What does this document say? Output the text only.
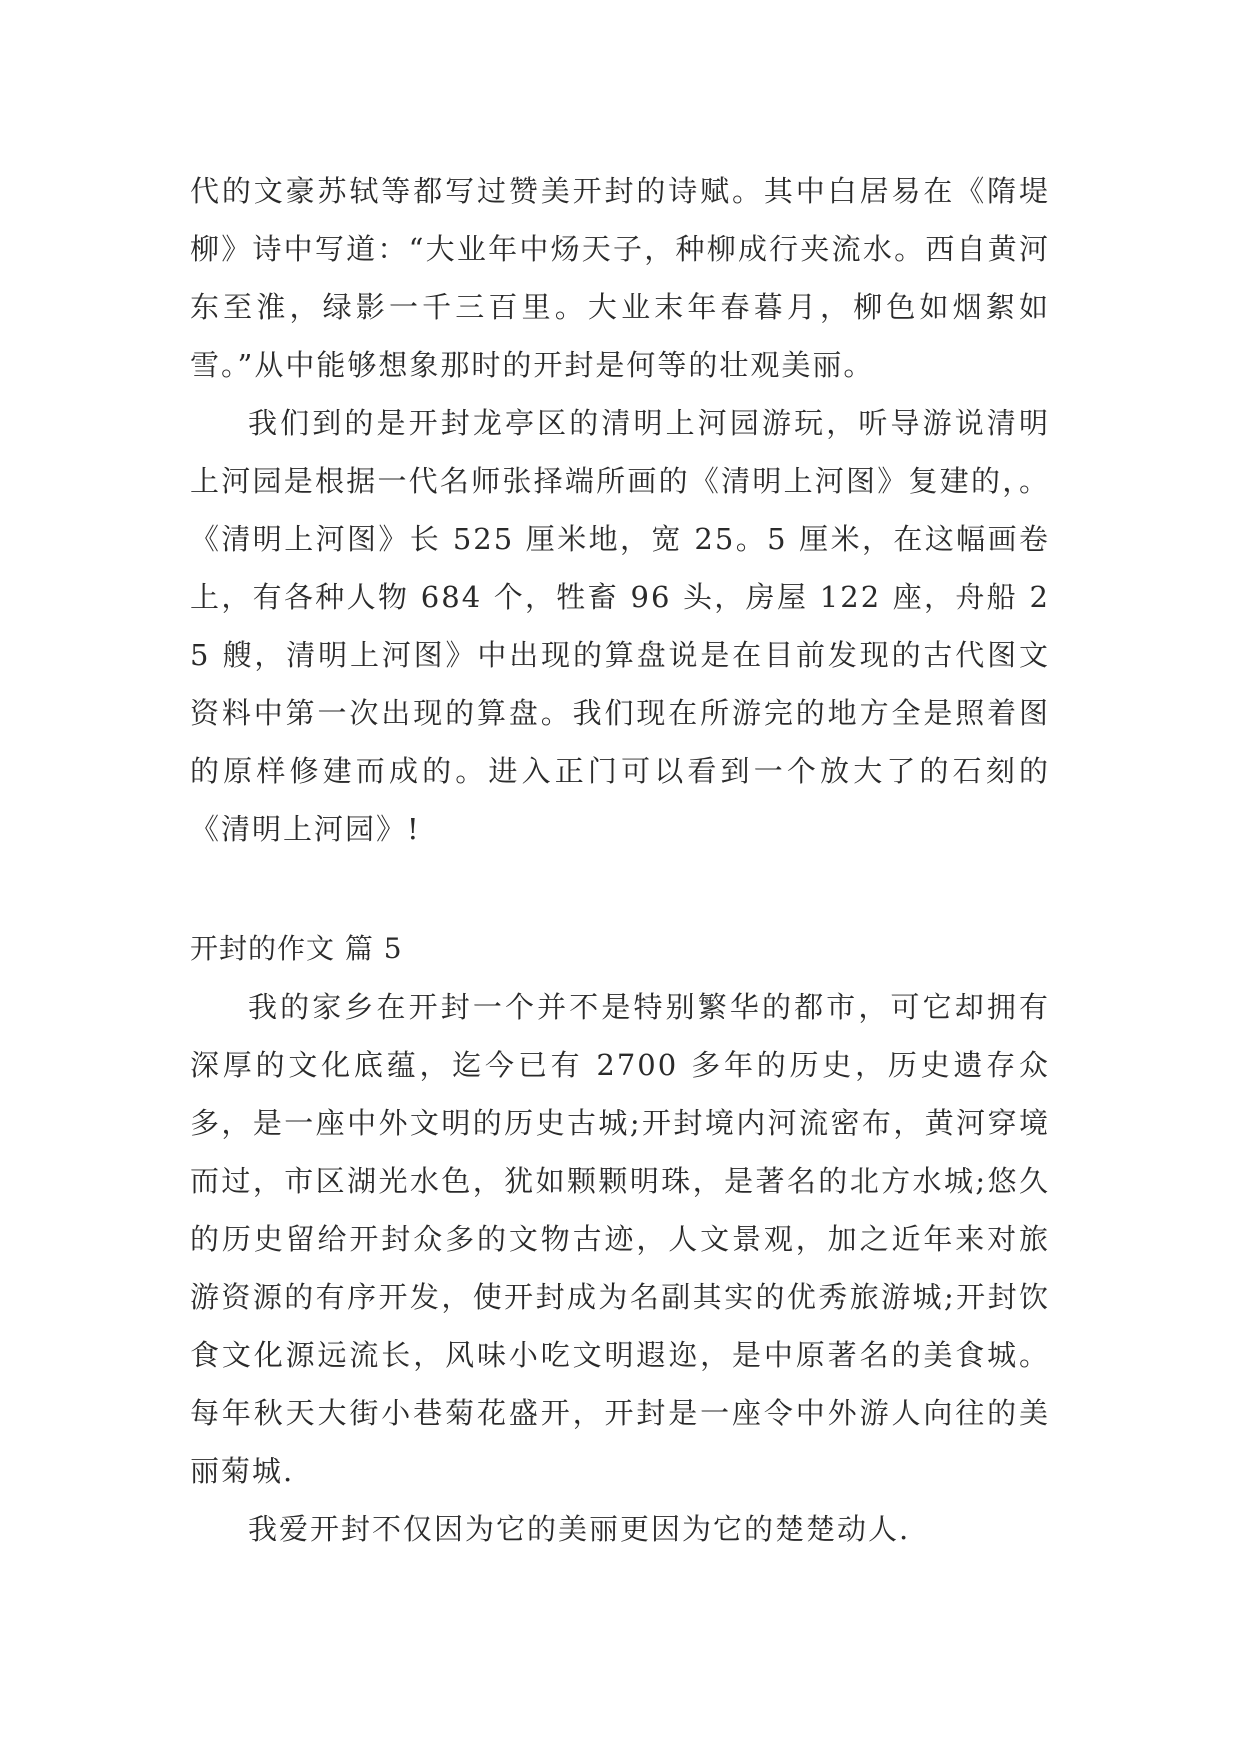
代的文豪苏轼等都写过赞美开封的诗赋。其中白居易在《隋堤柳》诗中写道：“大业年中炀天子，种柳成行夹流水。西自黄河东至淮，绿影一千三百里。大业末年春暮月，柳色如烟絮如雪。”从中能够想象那时的开封是何等的壮观美丽。

我们到的是开封龙亭区的清明上河园游玩，听导游说清明上河园是根据一代名师张择端所画的《清明上河图》复建的，。《清明上河图》长 525 厘米地，宽 25。5 厘米，在这幅画卷上，有各种人物 684 个，牲畜 96 头，房屋 122 座，舟船 25 艘，清明上河图》中出现的算盘说是在目前发现的古代图文资料中第一次出现的算盘。我们现在所游完的地方全是照着图的原样修建而成的。进入正门可以看到一个放大了的石刻的《清明上河园》!

开封的作文 篇 5

我的家乡在开封一个并不是特别繁华的都市，可它却拥有深厚的文化底蕴，迄今已有 2700 多年的历史，历史遗存众多，是一座中外文明的历史古城;开封境内河流密布，黄河穿境而过，市区湖光水色，犹如颗颗明珠，是著名的北方水城;悠久的历史留给开封众多的文物古迹，人文景观，加之近年来对旅游资源的有序开发，使开封成为名副其实的优秀旅游城;开封饮食文化源远流长，风味小吃文明遐迩，是中原著名的美食城。每年秋天大街小巷菊花盛开，开封是一座令中外游人向往的美丽菊城.

我爱开封不仅因为它的美丽更因为它的楚楚动人.
